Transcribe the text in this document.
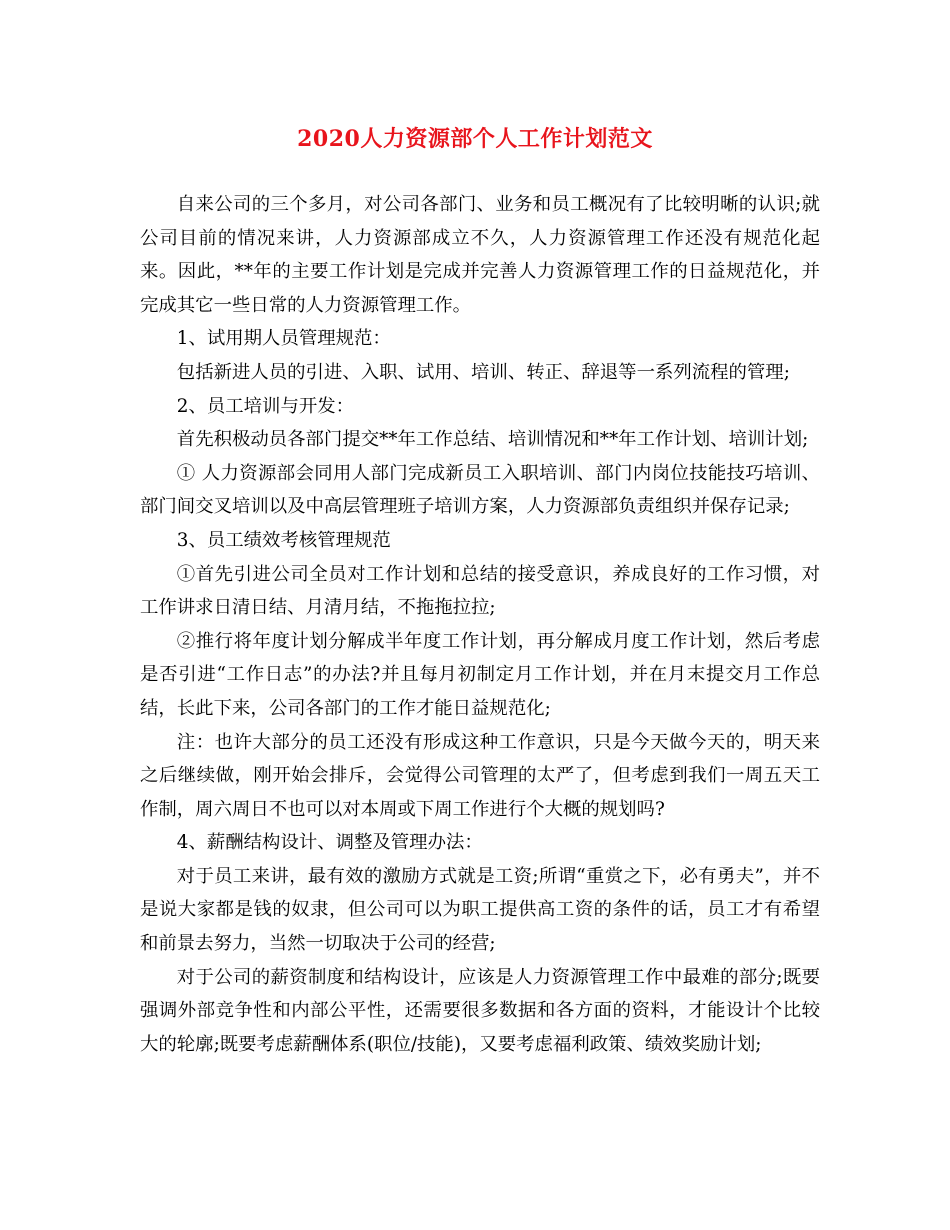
2020人力资源部个人工作计划范文

自来公司的三个多月，对公司各部门、业务和员工概况有了比较明晰的认识;就公司目前的情况来讲，人力资源部成立不久，人力资源管理工作还没有规范化起来。因此，**年的主要工作计划是完成并完善人力资源管理工作的日益规范化，并完成其它一些日常的人力资源管理工作。

1、试用期人员管理规范：

包括新进人员的引进、入职、试用、培训、转正、辞退等一系列流程的管理;

2、员工培训与开发：

首先积极动员各部门提交**年工作总结、培训情况和**年工作计划、培训计划;

① 人力资源部会同用人部门完成新员工入职培训、部门内岗位技能技巧培训、部门间交叉培训以及中高层管理班子培训方案，人力资源部负责组织并保存记录;

3、员工绩效考核管理规范

①首先引进公司全员对工作计划和总结的接受意识，养成良好的工作习惯，对工作讲求日清日结、月清月结，不拖拖拉拉;

②推行将年度计划分解成半年度工作计划，再分解成月度工作计划，然后考虑是否引进“工作日志”的办法?并且每月初制定月工作计划，并在月末提交月工作总结，长此下来，公司各部门的工作才能日益规范化;

注：也许大部分的员工还没有形成这种工作意识，只是今天做今天的，明天来之后继续做，刚开始会排斥，会觉得公司管理的太严了，但考虑到我们一周五天工作制，周六周日不也可以对本周或下周工作进行个大概的规划吗?

4、薪酬结构设计、调整及管理办法：

对于员工来讲，最有效的激励方式就是工资;所谓“重赏之下，必有勇夫”，并不是说大家都是钱的奴隶，但公司可以为职工提供高工资的条件的话，员工才有希望和前景去努力，当然一切取决于公司的经营;

对于公司的薪资制度和结构设计，应该是人力资源管理工作中最难的部分;既要强调外部竞争性和内部公平性，还需要很多数据和各方面的资料，才能设计个比较大的轮廓;既要考虑薪酬体系(职位/技能)，又要考虑福利政策、绩效奖励计划;
